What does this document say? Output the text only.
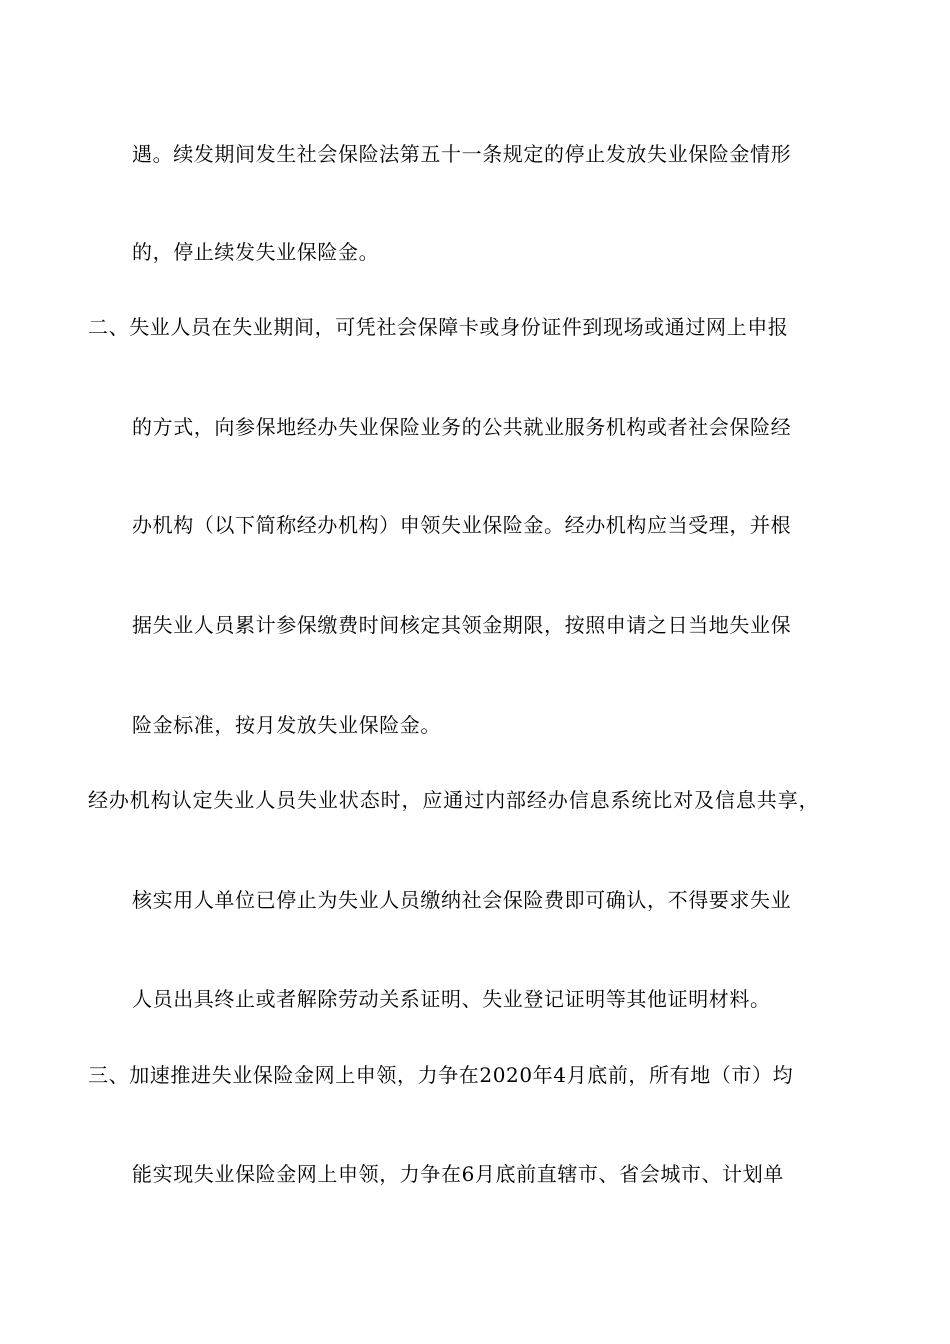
遇。续发期间发生社会保险法第五十一条规定的停止发放失业保险金情形
的，停止续发失业保险金。
二、失业人员在失业期间，可凭社会保障卡或身份证件到现场或通过网上申报
的方式，向参保地经办失业保险业务的公共就业服务机构或者社会保险经
办机构（以下简称经办机构）申领失业保险金。经办机构应当受理，并根
据失业人员累计参保缴费时间核定其领金期限，按照申请之日当地失业保
险金标准，按月发放失业保险金。
经办机构认定失业人员失业状态时，应通过内部经办信息系统比对及信息共享，
核实用人单位已停止为失业人员缴纳社会保险费即可确认，不得要求失业
人员出具终止或者解除劳动关系证明、失业登记证明等其他证明材料。
三、加速推进失业保险金网上申领，力争在2020年4月底前，所有地（市）均
能实现失业保险金网上申领，力争在6月底前直辖市、省会城市、计划单
